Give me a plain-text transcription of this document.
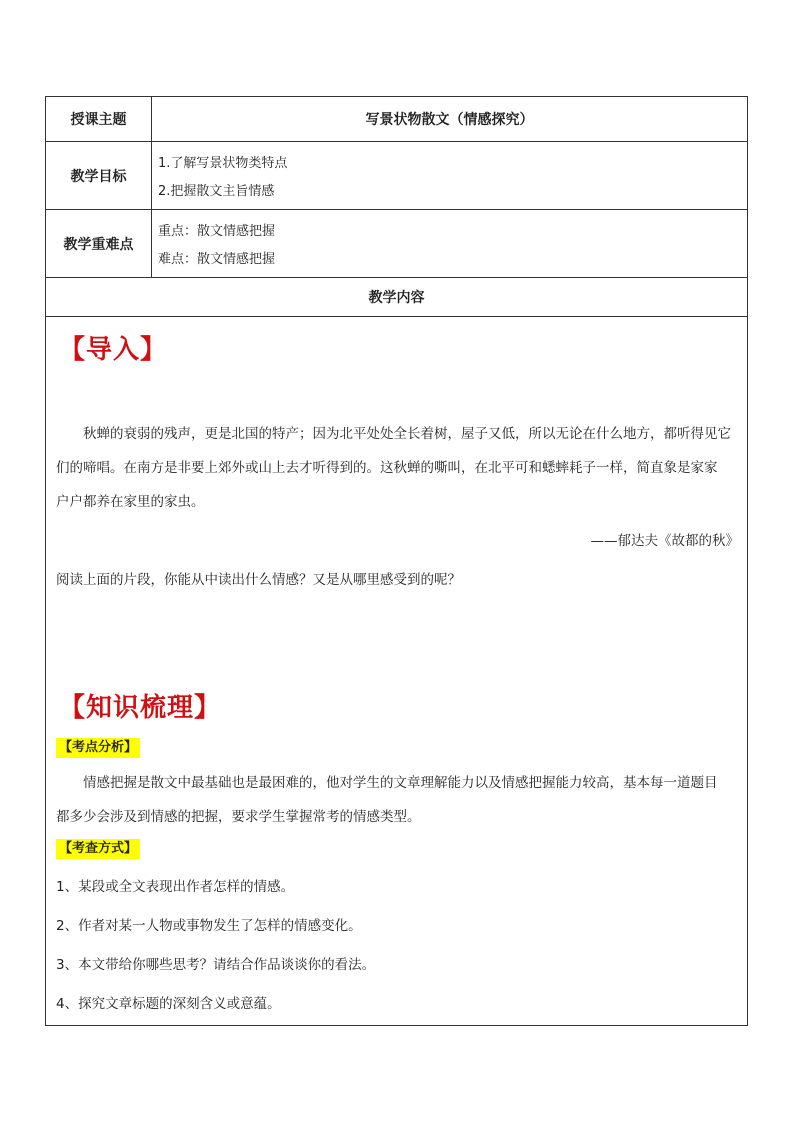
授课主题	写景状物散文（情感探究）
教学目标
1.了解写景状物类特点
2.把握散文主旨情感
教学重难点
重点：散文情感把握
难点：散文情感把握
教学内容
【导入】
秋蝉的衰弱的残声，更是北国的特产；因为北平处处全长着树，屋子又低，所以无论在什么地方，都听得见它
们的啼唱。在南方是非要上郊外或山上去才听得到的。这秋蝉的嘶叫，在北平可和蟋蟀耗子一样，简直象是家家
户户都养在家里的家虫。
——郁达夫《故都的秋》
阅读上面的片段，你能从中读出什么情感？又是从哪里感受到的呢？
【知识梳理】
【考点分析】
情感把握是散文中最基础也是最困难的，他对学生的文章理解能力以及情感把握能力较高，基本每一道题目
都多少会涉及到情感的把握，要求学生掌握常考的情感类型。
【考查方式】
1、某段或全文表现出作者怎样的情感。
2、作者对某一人物或事物发生了怎样的情感变化。
3、本文带给你哪些思考？请结合作品谈谈你的看法。
4、探究文章标题的深刻含义或意蕴。
